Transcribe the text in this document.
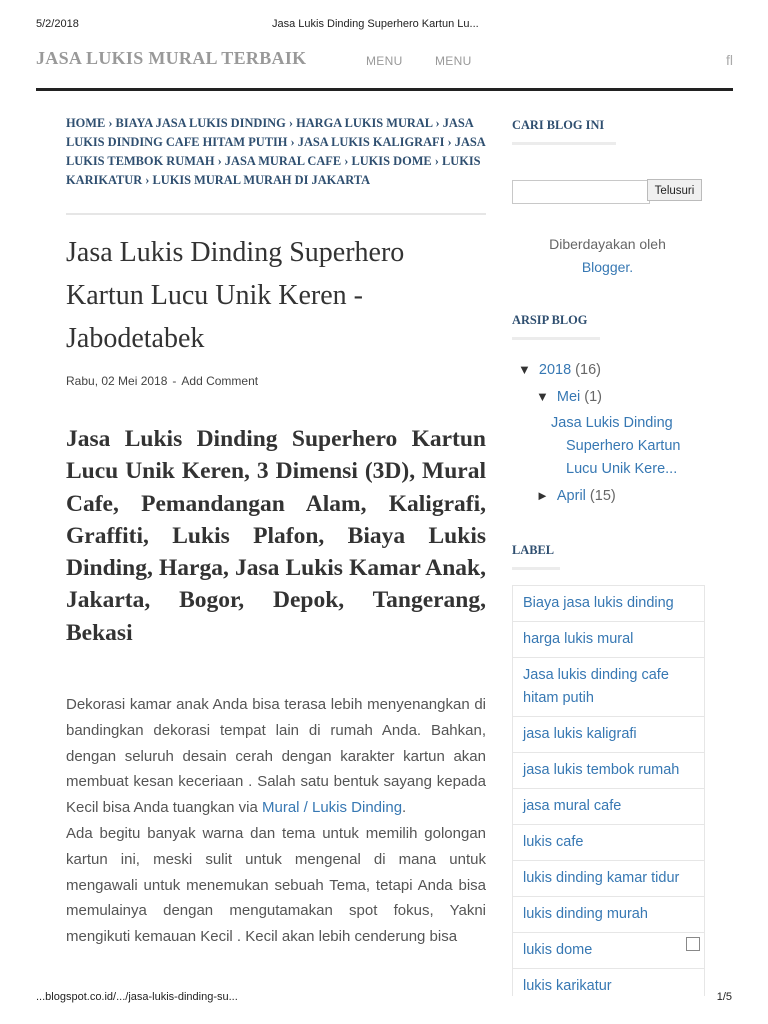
5/2/2018	Jasa Lukis Dinding Superhero Kartun Lu...
JASA LUKIS MURAL TERBAIK	MENU	MENU	fl
HOME › BIAYA JASA LUKIS DINDING › HARGA LUKIS MURAL › JASA LUKIS DINDING CAFE HITAM PUTIH › JASA LUKIS KALIGRAFI › JASA LUKIS TEMBOK RUMAH › JASA MURAL CAFE › LUKIS DOME › LUKIS KARIKATUR › LUKIS MURAL MURAH DI JAKARTA
Jasa Lukis Dinding Superhero Kartun Lucu Unik Keren - Jabodetabek
Rabu, 02 Mei 2018 - Add Comment
Jasa Lukis Dinding Superhero Kartun Lucu Unik Keren, 3 Dimensi (3D), Mural Cafe, Pemandangan Alam, Kaligrafi, Graffiti, Lukis Plafon, Biaya Lukis Dinding, Harga, Jasa Lukis Kamar Anak, Jakarta, Bogor, Depok, Tangerang, Bekasi

Dekorasi kamar anak Anda bisa terasa lebih menyenangkan di bandingkan dekorasi tempat lain di rumah Anda. Bahkan, dengan seluruh desain cerah dengan karakter kartun akan membuat kesan keceriaan . Salah satu bentuk sayang kepada Kecil bisa Anda tuangkan via Mural / Lukis Dinding.

Ada begitu banyak warna dan tema untuk memilih golongan kartun ini, meski sulit untuk mengenal di mana untuk mengawali untuk menemukan sebuah Tema, tetapi Anda bisa memulainya dengan mengutamakan spot fokus, Yakni mengikuti kemauan Kecil . Kecil akan lebih cenderung bisa

CARI BLOG INI
Telusuri
Diberdayakan oleh
Blogger.
ARSIP BLOG
▼ 2018 (16)
▼ Mei (1)
Jasa Lukis Dinding
Superhero Kartun
Lucu Unik Kere...
► April (15)
LABEL
Biaya jasa lukis dinding
harga lukis mural
Jasa lukis dinding cafe hitam putih
jasa lukis kaligrafi
jasa lukis tembok rumah
jasa mural cafe
lukis cafe
lukis dinding kamar tidur
lukis dinding murah
lukis dome
lukis karikatur
...blogspot.co.id/.../jasa-lukis-dinding-su...	1/5
